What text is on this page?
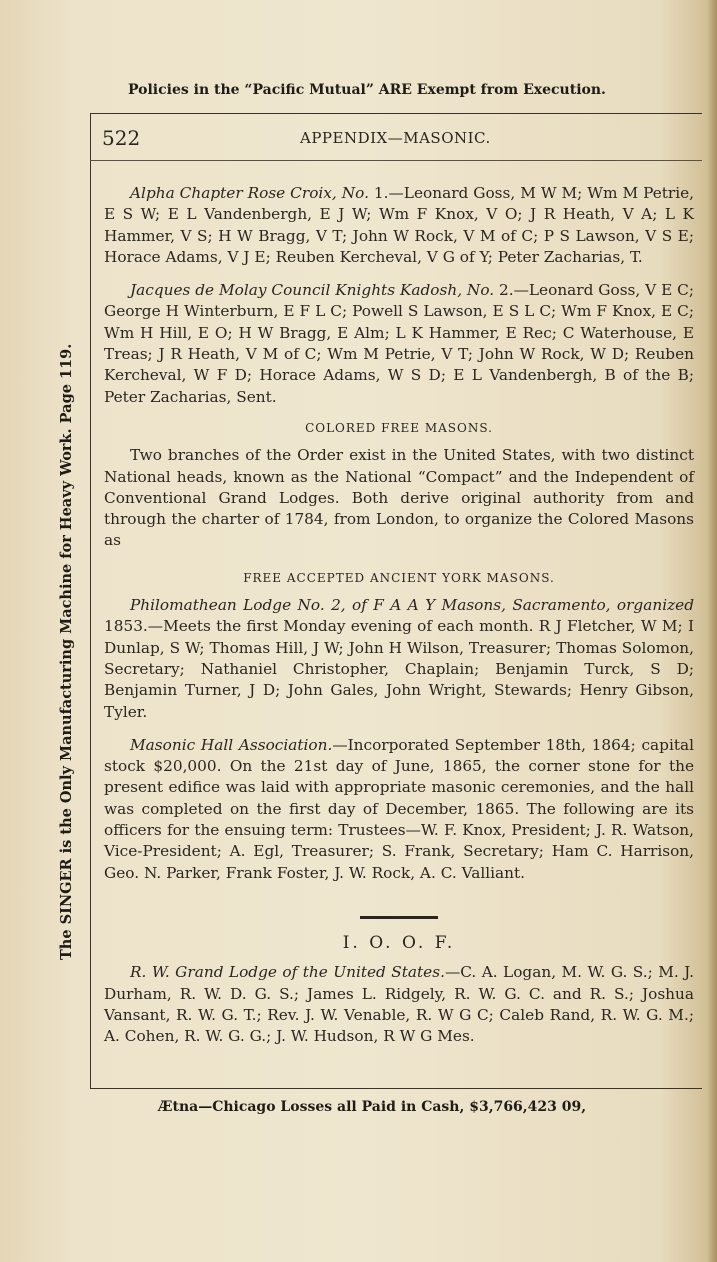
Policies in the “Pacific Mutual” ARE Exempt from Execution.
The SINGER is the Only Manufacturing Machine for Heavy Work. Page 119.
522	APPENDIX—MASONIC.

Alpha Chapter Rose Croix, No. 1.—Leonard Goss, M W M; Wm M Petrie, E S W; E L Vandenbergh, E J W; Wm F Knox, V O; J R Heath, V A; L K Hammer, V S; H W Bragg, V T; John W Rock, V M of C; P S Lawson, V S E; Horace Adams, V J E; Reuben Kercheval, V G of Y; Peter Zacharias, T.

Jacques de Molay Council Knights Kadosh, No. 2.—Leonard Goss, V E C; George H Winterburn, E F L C; Powell S Lawson, E S L C; Wm F Knox, E C; Wm H Hill, E O; H W Bragg, E Alm; L K Hammer, E Rec; C Waterhouse, E Treas; J R Heath, V M of C; Wm M Petrie, V T; John W Rock, W D; Reuben Kercheval, W F D; Horace Adams, W S D; E L Vandenbergh, B of the B; Peter Zacharias, Sent.

COLORED FREE MASONS.

Two branches of the Order exist in the United States, with two distinct National heads, known as the National “Compact” and the Independent of Conventional Grand Lodges. Both derive original authority from and through the charter of 1784, from London, to organize the Colored Masons as

FREE ACCEPTED ANCIENT YORK MASONS.

Philomathean Lodge No. 2, of F A A Y Masons, Sacramento, organized 1853.—Meets the first Monday evening of each month. R J Fletcher, W M; I Dunlap, S W; Thomas Hill, J W; John H Wilson, Treasurer; Thomas Solomon, Secretary; Nathaniel Christopher, Chaplain; Benjamin Turck, S D; Benjamin Turner, J D; John Gales, John Wright, Stewards; Henry Gibson, Tyler.

Masonic Hall Association.—Incorporated September 18th, 1864; capital stock $20,000. On the 21st day of June, 1865, the corner stone for the present edifice was laid with appropriate masonic ceremonies, and the hall was completed on the first day of December, 1865. The following are its officers for the ensuing term: Trustees—W. F. Knox, President; J. R. Watson, Vice-President; A. Egl, Treasurer; S. Frank, Secretary; Ham C. Harrison, Geo. N. Parker, Frank Foster, J. W. Rock, A. C. Valliant.

I. O. O. F.

R. W. Grand Lodge of the United States.—C. A. Logan, M. W. G. S.; M. J. Durham, R. W. D. G. S.; James L. Ridgely, R. W. G. C. and R. S.; Joshua Vansant, R. W. G. T.; Rev. J. W. Venable, R. W G C; Caleb Rand, R. W. G. M.; A. Cohen, R. W. G. G.; J. W. Hudson, R W G Mes.

Ætna—Chicago Losses all Paid in Cash, $3,766,423 09,
